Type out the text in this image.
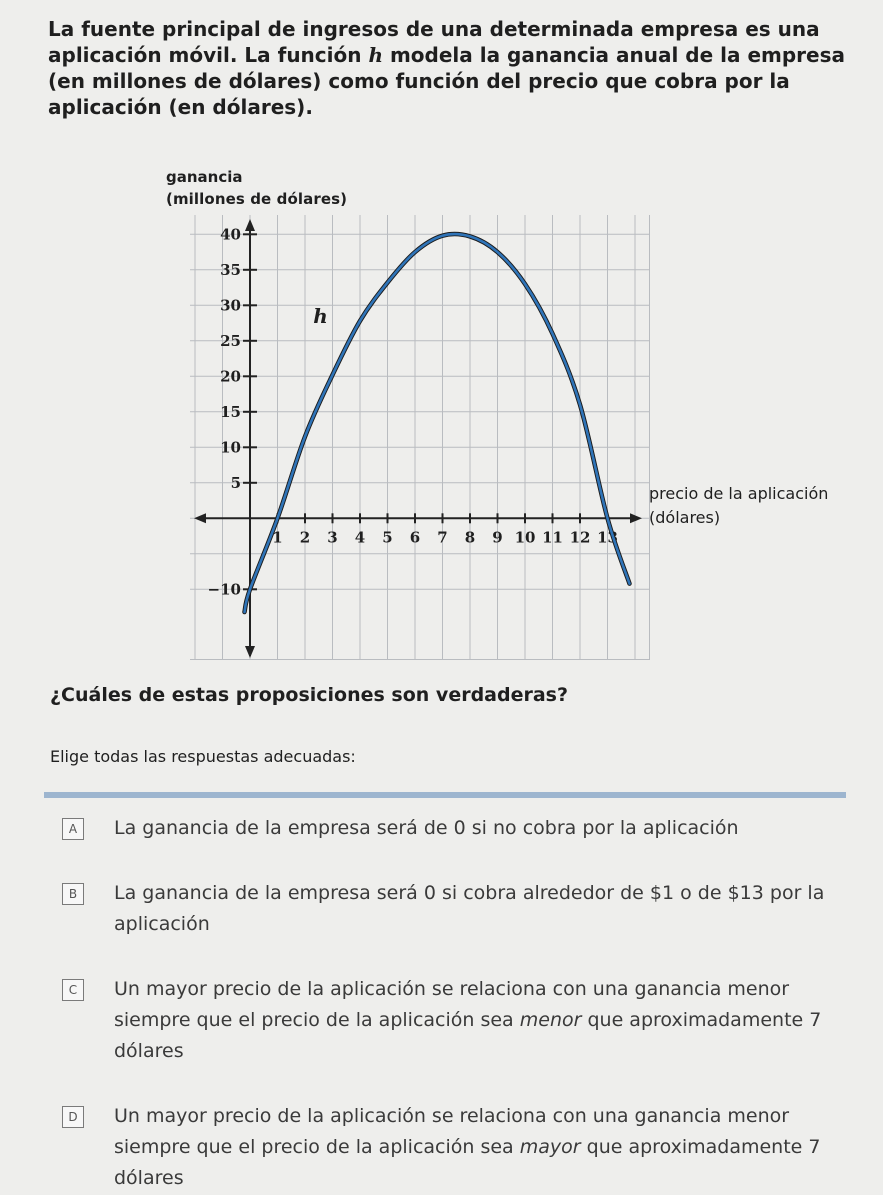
La fuente principal de ingresos de una determinada empresa es una aplicación móvil. La función h modela la ganancia anual de la empresa (en millones de dólares) como función del precio que cobra por la aplicación (en dólares).

ganancia
(millones de dólares)
1 2 3 4 5 6 7 8 9 10 11 12 13
−10
5
10
15
20
25
30
35
40
h
precio de la aplicación
(dólares)

¿Cuáles de estas proposiciones son verdaderas?

Elige todas las respuestas adecuadas:

A	La ganancia de la empresa será de 0 si no cobra por la aplicación
B	La ganancia de la empresa será 0 si cobra alrededor de $1 o de $13 por la aplicación
C	Un mayor precio de la aplicación se relaciona con una ganancia menor siempre que el precio de la aplicación sea menor que aproximadamente 7 dólares
D	Un mayor precio de la aplicación se relaciona con una ganancia menor siempre que el precio de la aplicación sea mayor que aproximadamente 7 dólares
